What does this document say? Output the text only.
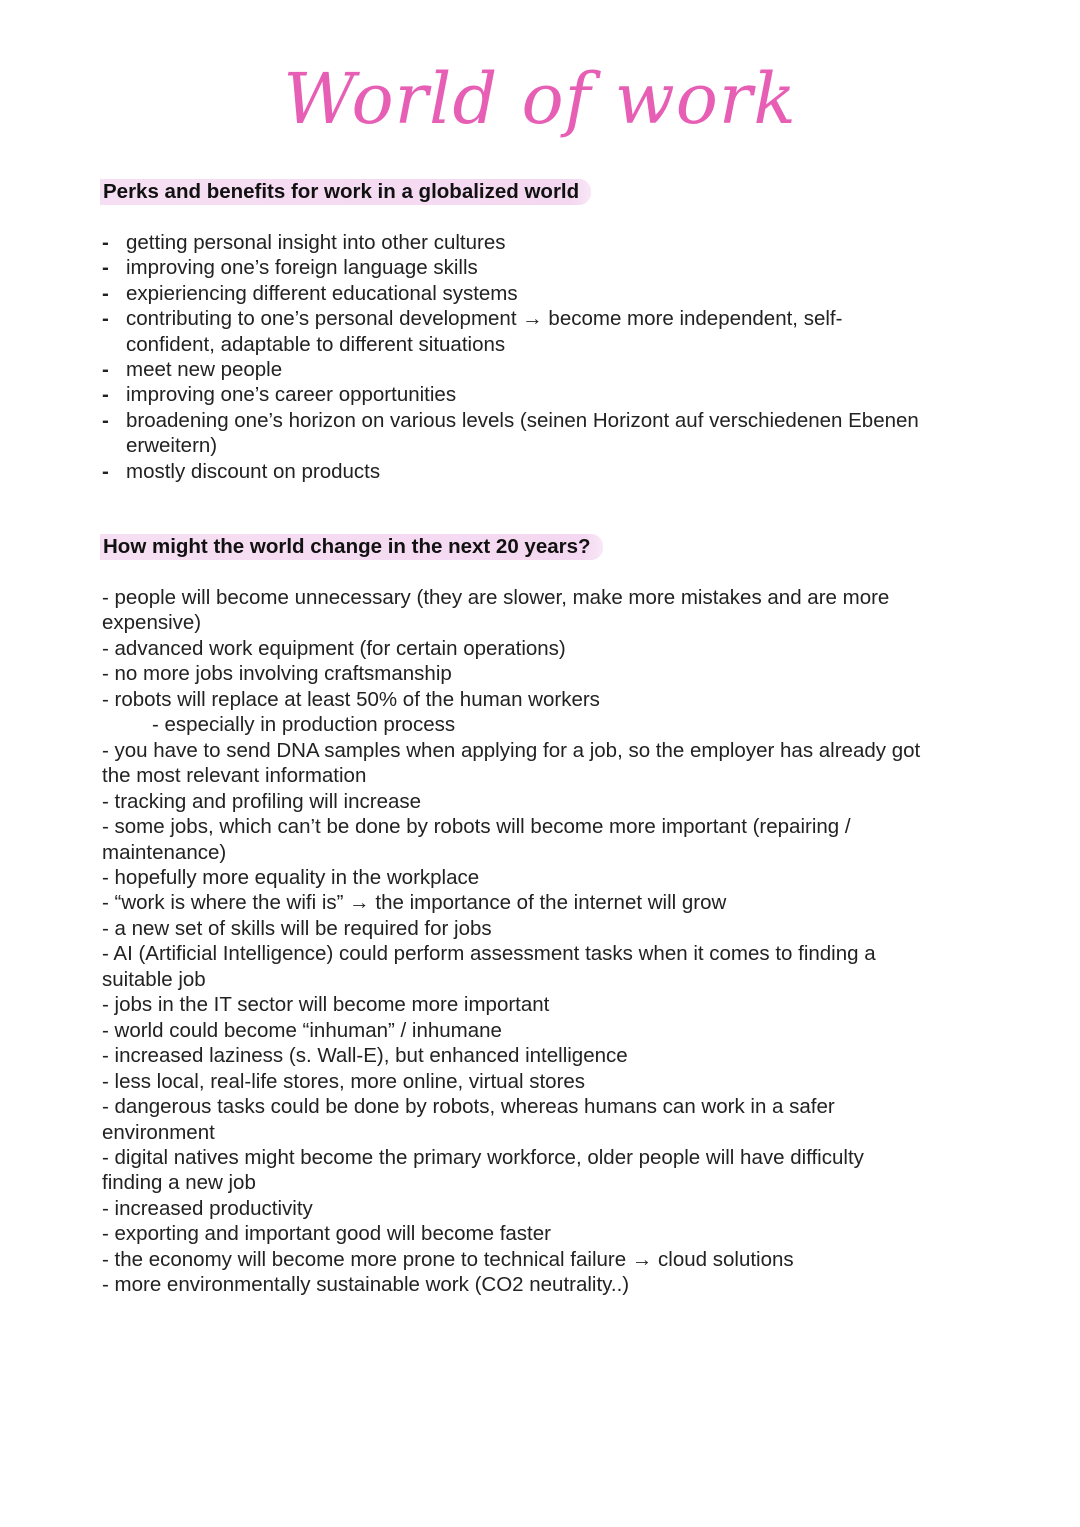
World of work
Perks and benefits for work in a globalized world
- getting personal insight into other cultures
- improving one’s foreign language skills
- expieriencing different educational systems
- contributing to one’s personal development → become more independent, self-confident, adaptable to different situations
- meet new people
- improving one’s career opportunities
- broadening one’s horizon on various levels (seinen Horizont auf verschiedenen Ebenen erweitern)
- mostly discount on products
How might the world change in the next 20 years?
- people will become unnecessary (they are slower, make more mistakes and are more
expensive)
- advanced work equipment (for certain operations)
- no more jobs involving craftsmanship
- robots will replace at least 50% of the human workers
- especially in production process
- you have to send DNA samples when applying for a job, so the employer has already got
the most relevant information
- tracking and profiling will increase
- some jobs, which can’t be done by robots will become more important (repairing /
maintenance)
- hopefully more equality in the workplace
- “work is where the wifi is” → the importance of the internet will grow
- a new set of skills will be required for jobs
- AI (Artificial Intelligence) could perform assessment tasks when it comes to finding a
suitable job
- jobs in the IT sector will become more important
- world could become “inhuman” / inhumane
- increased laziness (s. Wall-E), but enhanced intelligence
- less local, real-life stores, more online, virtual stores
- dangerous tasks could be done by robots, whereas humans can work in a safer
environment
- digital natives might become the primary workforce, older people will have difficulty
finding a new job
- increased productivity
- exporting and important good will become faster
- the economy will become more prone to technical failure → cloud solutions
- more environmentally sustainable work (CO2 neutrality..)
